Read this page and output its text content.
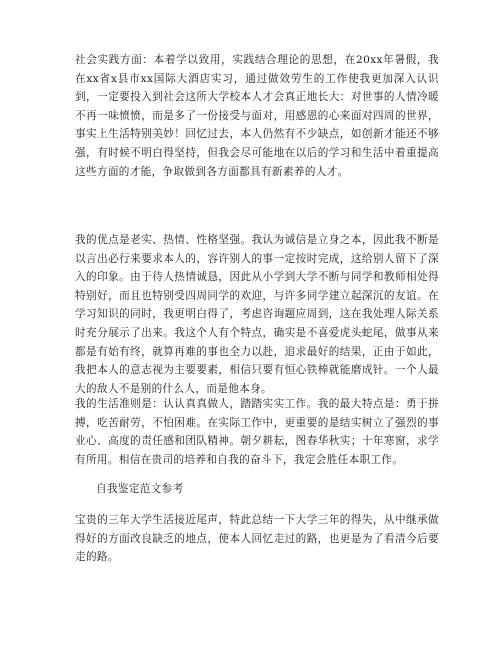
社会实践方面：本着学以致用，实践结合理论的思想，在20xx年暑假，我在xx省x县市xx国际大酒店实习，通过做效劳生的工作使我更加深入认识到，一定要投入到社会这所大学校本人才会真正地长大：对世事的人情冷暖不再一味愤愤，而是多了一份接受与面对，用感恩的心来面对四周的世界，事实上生活特别美妙！回忆过去，本人仍然有不少缺点，如创新才能还不够强，有时候不明白得坚持，但我会尽可能地在以后的学习和生活中着重提高这些方面的才能，争取做到各方面都具有新素养的人才。

我的优点是老实、热情、性格坚强。我认为诚信是立身之本，因此我不断是以言出必行来要求本人的，容许别人的事一定按时完成，这给别人留下了深入的印象。由于待人热情诚恳，因此从小学到大学不断与同学和教师相处得特别好，而且也特别受四周同学的欢迎，与许多同学建立起深沉的友谊。在学习知识的同时，我更明白得了，考虑咨询题应周到，这在我处理人际关系时充分展示了出来。我这个人有个特点，确实是不喜爱虎头蛇尾，做事从来都是有始有终，就算再难的事也全力以赴，追求最好的结果，正由于如此，我把本人的意志视为主要要素，相信只要有恒心铁棒就能磨成针。一个人最大的敌人不是别的什么人，而是他本身。

我的生活准则是：认认真真做人，踏踏实实工作。我的最大特点是：勇于拼搏，吃苦耐劳，不怕困难。在实际工作中，更重要的是结实树立了强烈的事业心、高度的责任感和团队精神。朝夕耕耘，图春华秋实；十年寒窗，求学有所用。相信在贵司的培养和自我的奋斗下，我定会胜任本职工作。

自我鉴定范文参考

宝贵的三年大学生活接近尾声，特此总结一下大学三年的得失，从中继承做得好的方面改良缺乏的地点，使本人回忆走过的路，也更是为了看清今后要走的路。
